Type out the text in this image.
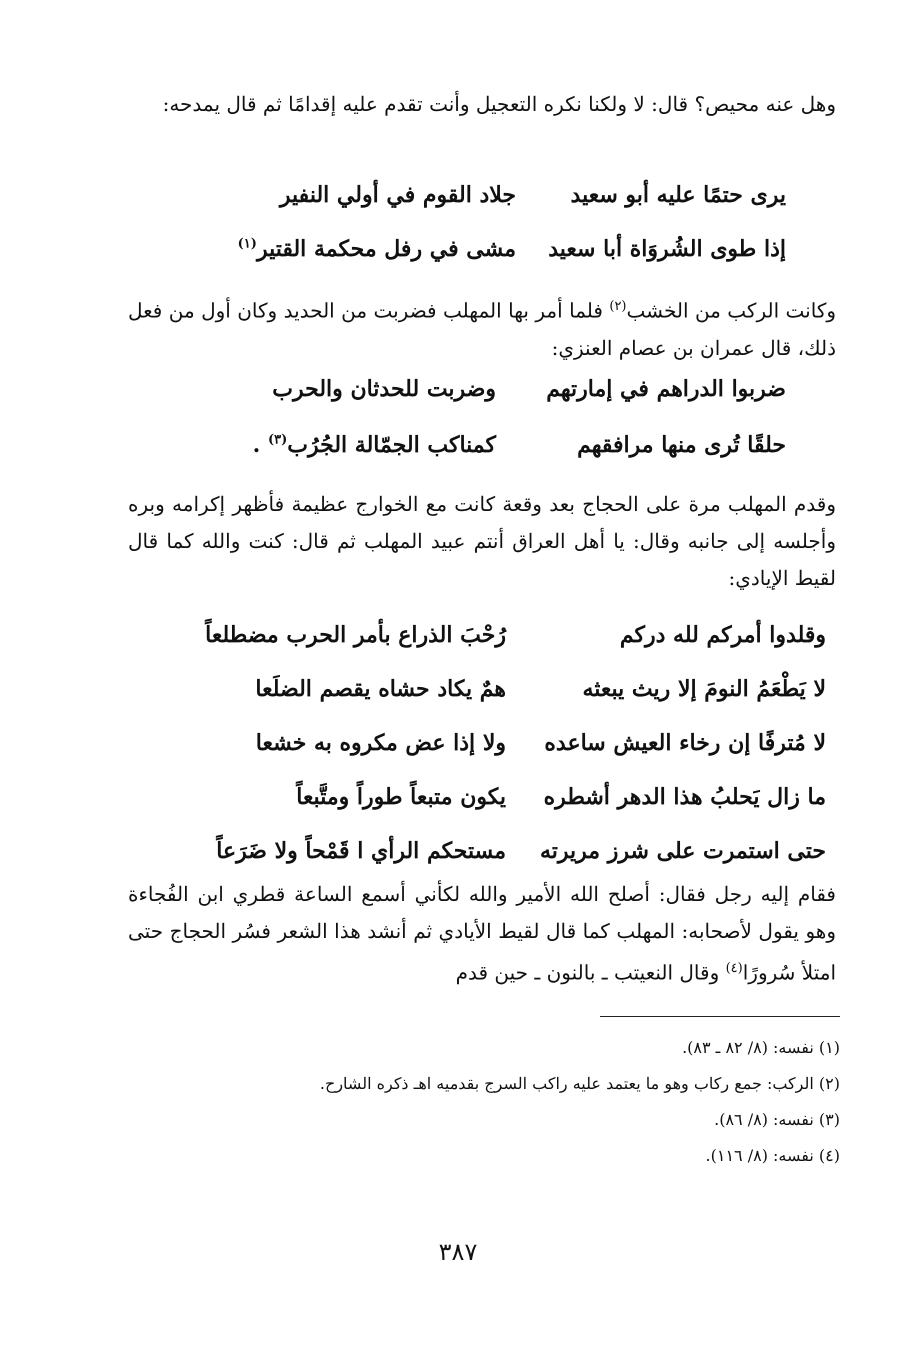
وهل عنه محيص؟ قال: لا ولكنا نكره التعجيل وأنت تقدم عليه إقدامًا ثم قال يمدحه:

يرى حتمًا عليه أبو سعيد
جلاد القوم في أولي النفير
إذا طوى الشُروَاة أبا سعيد
مشى في رفل محكمة القتير$^{(١)}$

وكانت الركب من الخشب$^{(٢)}$ فلما أمر بها المهلب فضربت من الحديد وكان أول من فعل ذلك، قال عمران بن عصام العنزي:

ضربوا الدراهم في إمارتهم
وضربت للحدثان والحرب
حلقًا تُرى منها مرافقهم
كمناكب الجمّالة الجُرُب$^{(٣)}$ .

وقدم المهلب مرة على الحجاج بعد وقعة كانت مع الخوارج عظيمة فأظهر إكرامه وبره وأجلسه إلى جانبه وقال: يا أهل العراق أنتم عبيد المهلب ثم قال: كنت والله كما قال لقيط الإيادي:

وقلدوا أمركم لله دركم
رُحْبَ الذراع بأمر الحرب مضطلعاً
لا يَطْعَمُ النومَ إلا ريث يبعثه
همٌ يكاد حشاه يقصم الضلَعا
لا مُترفًا إن رخاء العيش ساعده
ولا إذا عض مكروه به خشعا
ما زال يَحلبُ هذا الدهر أشطره
يكون متبعاً طوراً ومتَّبعاً
حتى استمرت على شرز مريرته
مستحكم الرأي ا قَمْحاً ولا ضَرَعاً

فقام إليه رجل فقال: أصلح الله الأمير والله لكأني أسمع الساعة قطري ابن الفُجاءة وهو يقول لأصحابه: المهلب كما قال لقيط الأيادي ثم أنشد هذا الشعر فسُر الحجاج حتى امتلأ سُرورًا$^{(٤)}$ وقال النعيتب ـ بالنون ـ حين قدم

(١) نفسه: (٨/ ٨٢ ـ ٨٣).
(٢) الركب: جمع ركاب وهو ما يعتمد عليه راكب السرج بقدميه اهـ ذكره الشارح.
(٣) نفسه: (٨/ ٨٦).
(٤) نفسه: (٨/ ١١٦).
٣٨٧
